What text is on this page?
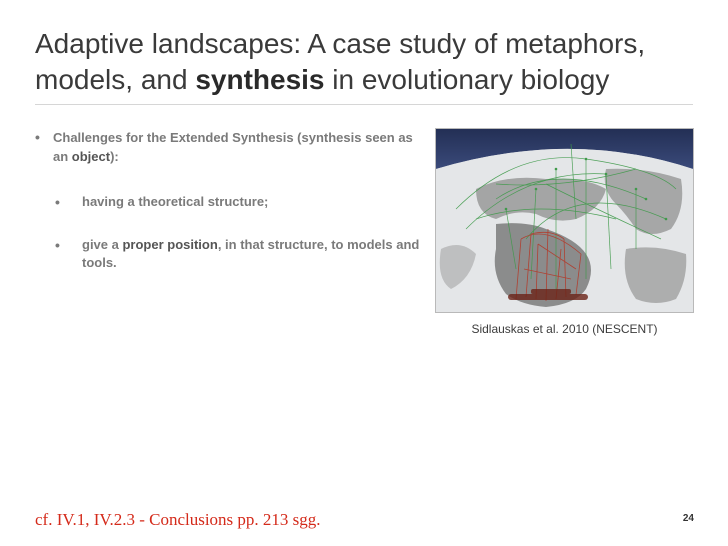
Adaptive landscapes: A case study of metaphors,
models, and synthesis in evolutionary biology
•	Challenges for the Extended Synthesis (synthesis seen as an object):
•	having a theoretical structure;
•	give a proper position, in that structure, to models and tools.
Sidlauskas et al. 2010 (NESCENT)
cf. IV.1, IV.2.3 - Conclusions pp. 213 sgg.	24
